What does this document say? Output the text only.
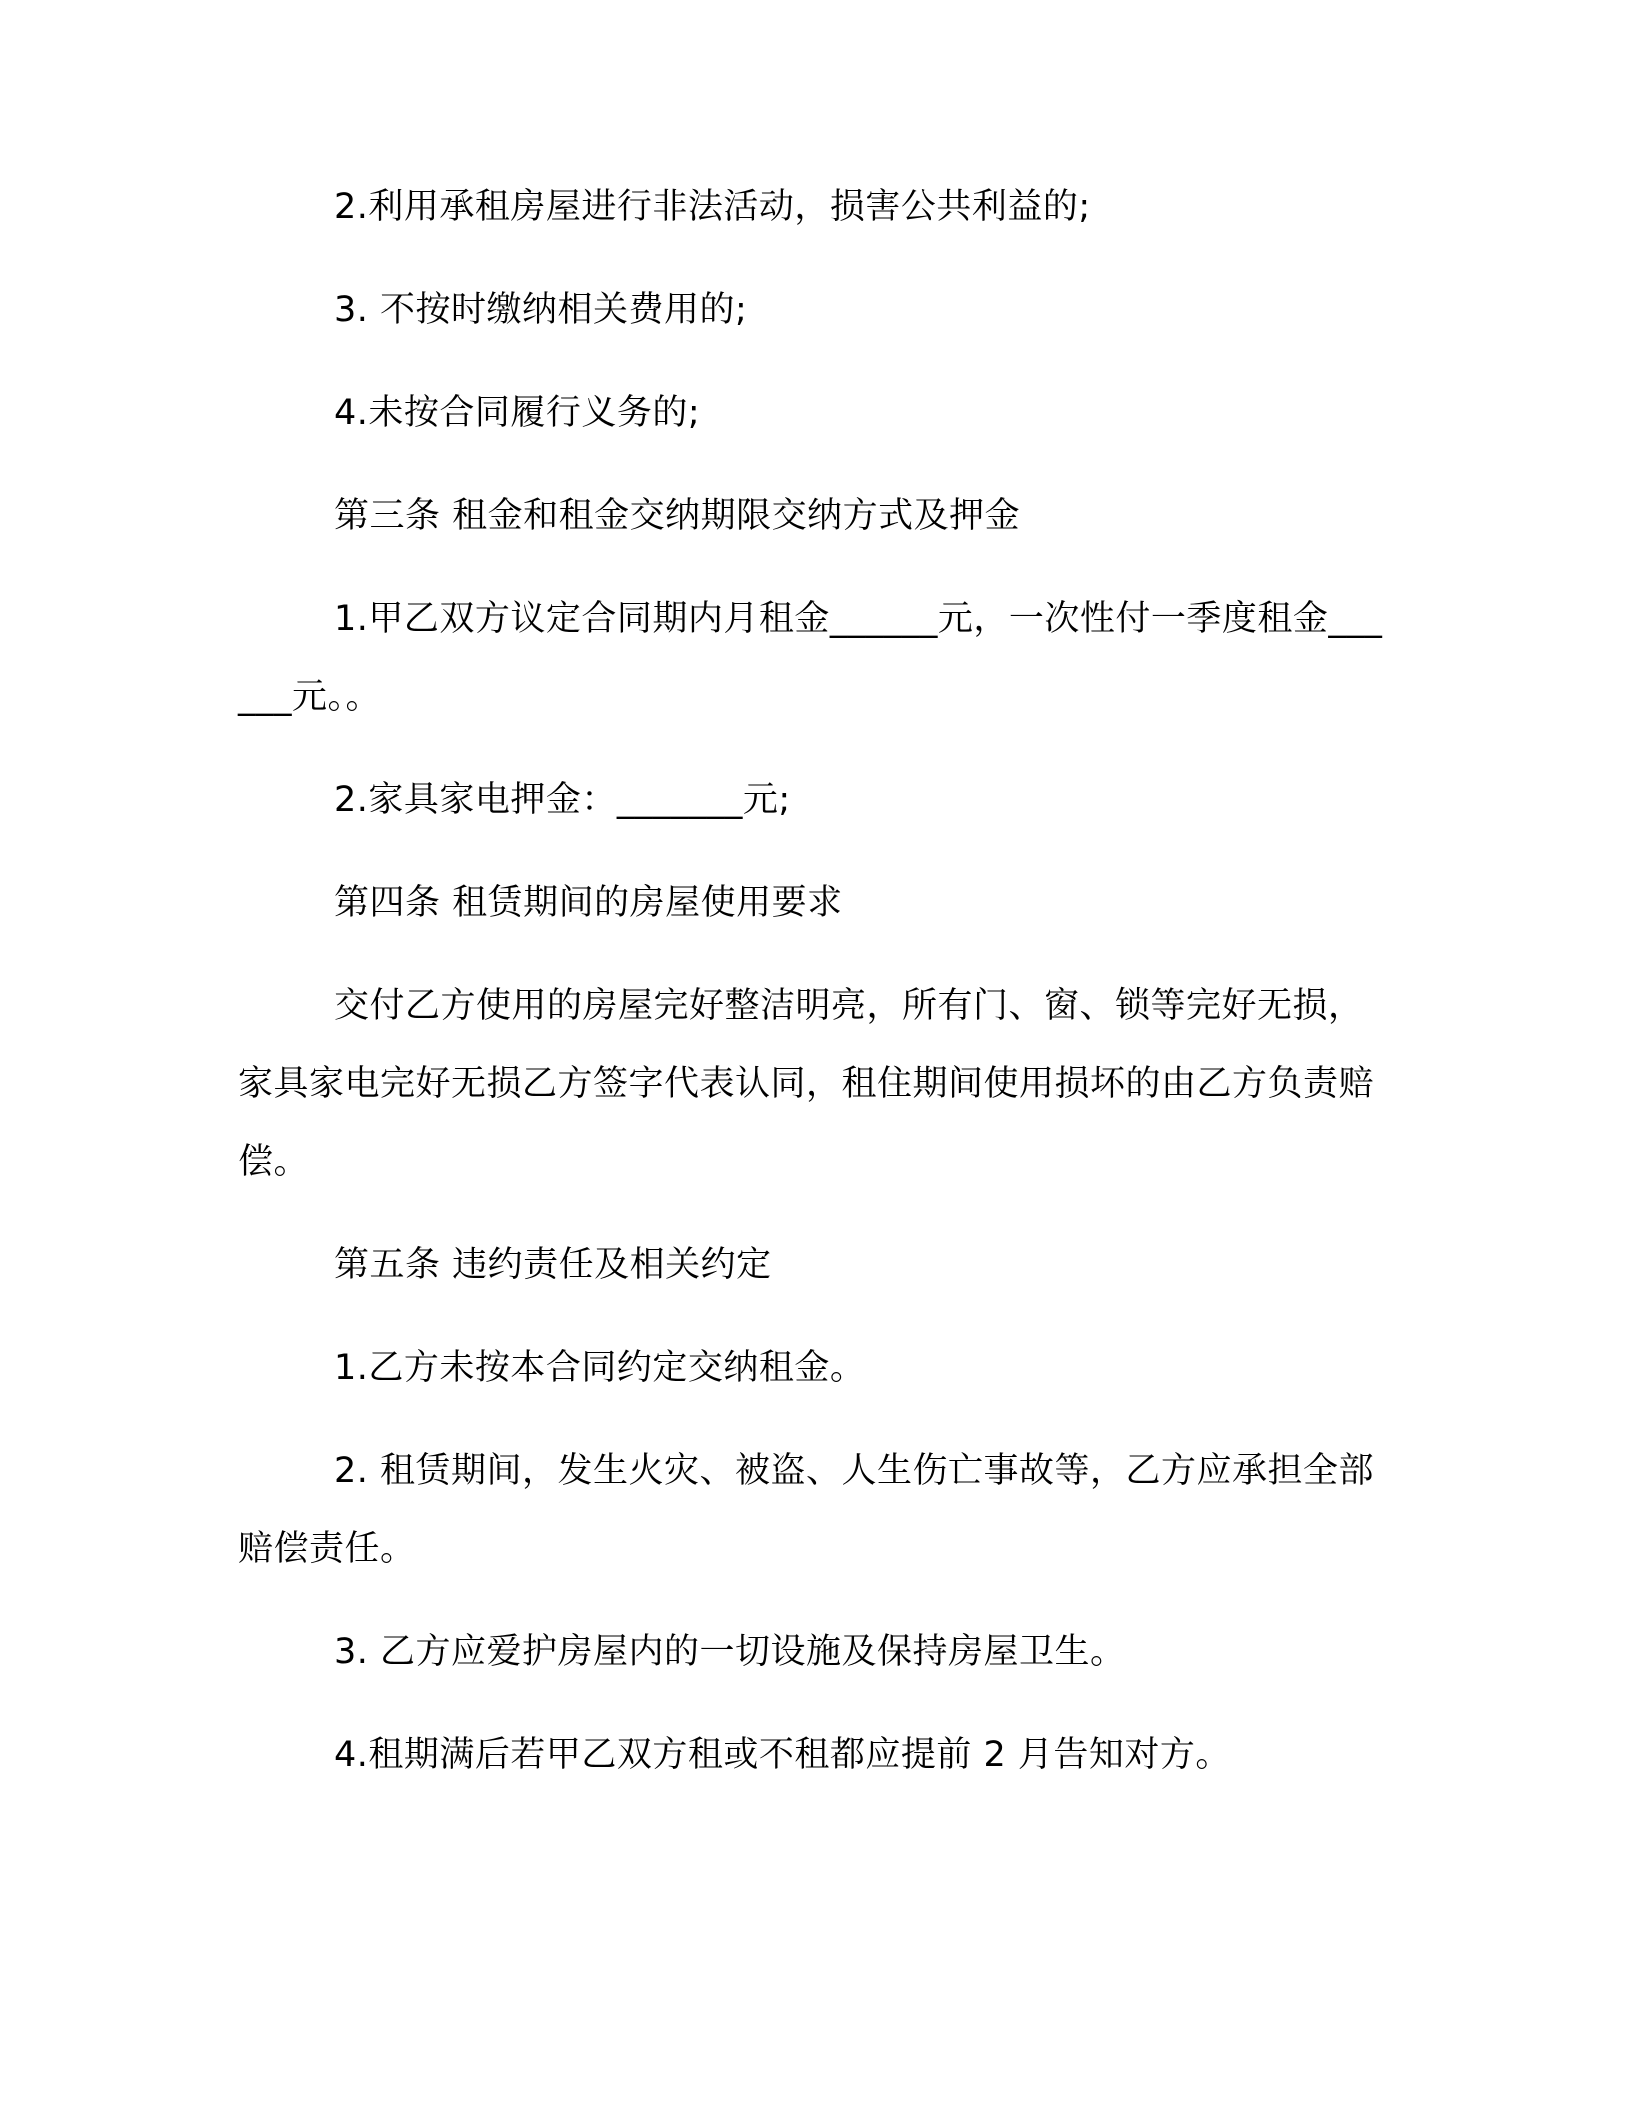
2.利用承租房屋进行非法活动，损害公共利益的;

3. 不按时缴纳相关费用的;

4.未按合同履行义务的;

第三条 租金和租金交纳期限交纳方式及押金

1.甲乙双方议定合同期内月租金______元，一次性付一季度租金______元。。

2.家具家电押金：_______元;

第四条 租赁期间的房屋使用要求

交付乙方使用的房屋完好整洁明亮，所有门、窗、锁等完好无损，家具家电完好无损乙方签字代表认同，租住期间使用损坏的由乙方负责赔偿。

第五条 违约责任及相关约定

1.乙方未按本合同约定交纳租金。

2. 租赁期间，发生火灾、被盗、人生伤亡事故等，乙方应承担全部赔偿责任。

3. 乙方应爱护房屋内的一切设施及保持房屋卫生。

4.租期满后若甲乙双方租或不租都应提前 2 月告知对方。
